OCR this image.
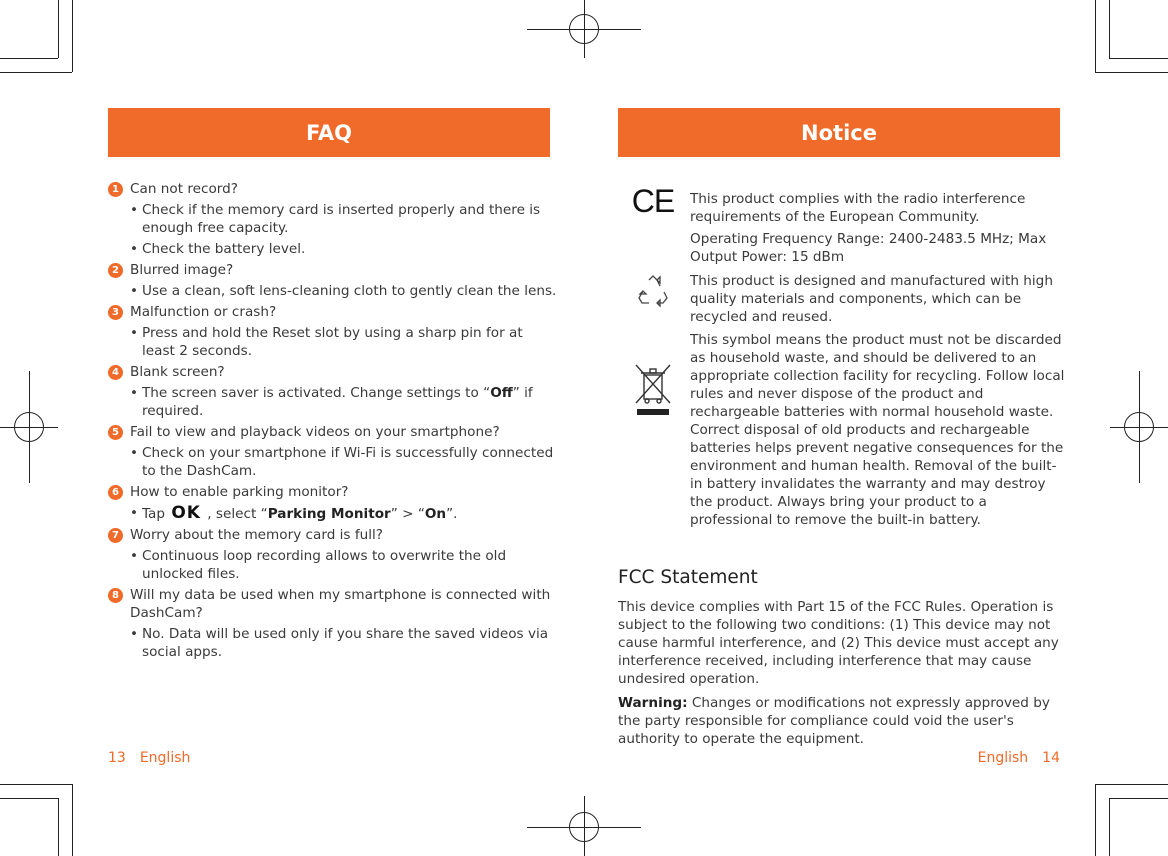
FAQ
1 Can not record?
• Check if the memory card is inserted properly and there is enough free capacity.
• Check the battery level.
2 Blurred image?
• Use a clean, soft lens-cleaning cloth to gently clean the lens.
3 Malfunction or crash?
• Press and hold the Reset slot by using a sharp pin for at least 2 seconds.
4 Blank screen?
• The screen saver is activated. Change settings to “Off” if required.
5 Fail to view and playback videos on your smartphone?
• Check on your smartphone if Wi-Fi is successfully connected to the DashCam.
6 How to enable parking monitor?
• Tap OK , select “Parking Monitor” > “On”.
7 Worry about the memory card is full?
• Continuous loop recording allows to overwrite the old unlocked files.
8 Will my data be used when my smartphone is connected with DashCam?
• No. Data will be used only if you share the saved videos via social apps.
Notice
CE This product complies with the radio interference requirements of the European Community.
Operating Frequency Range: 2400-2483.5 MHz; Max Output Power: 15 dBm
This product is designed and manufactured with high quality materials and components, which can be recycled and reused.
This symbol means the product must not be discarded as household waste, and should be delivered to an appropriate collection facility for recycling. Follow local rules and never dispose of the product and rechargeable batteries with normal household waste. Correct disposal of old products and rechargeable batteries helps prevent negative consequences for the environment and human health. Removal of the built-in battery invalidates the warranty and may destroy the product. Always bring your product to a professional to remove the built-in battery.
FCC Statement
This device complies with Part 15 of the FCC Rules. Operation is subject to the following two conditions: (1) This device may not cause harmful interference, and (2) This device must accept any interference received, including interference that may cause undesired operation.
Warning: Changes or modifications not expressly approved by the party responsible for compliance could void the user's authority to operate the equipment.
13 English	English 14
